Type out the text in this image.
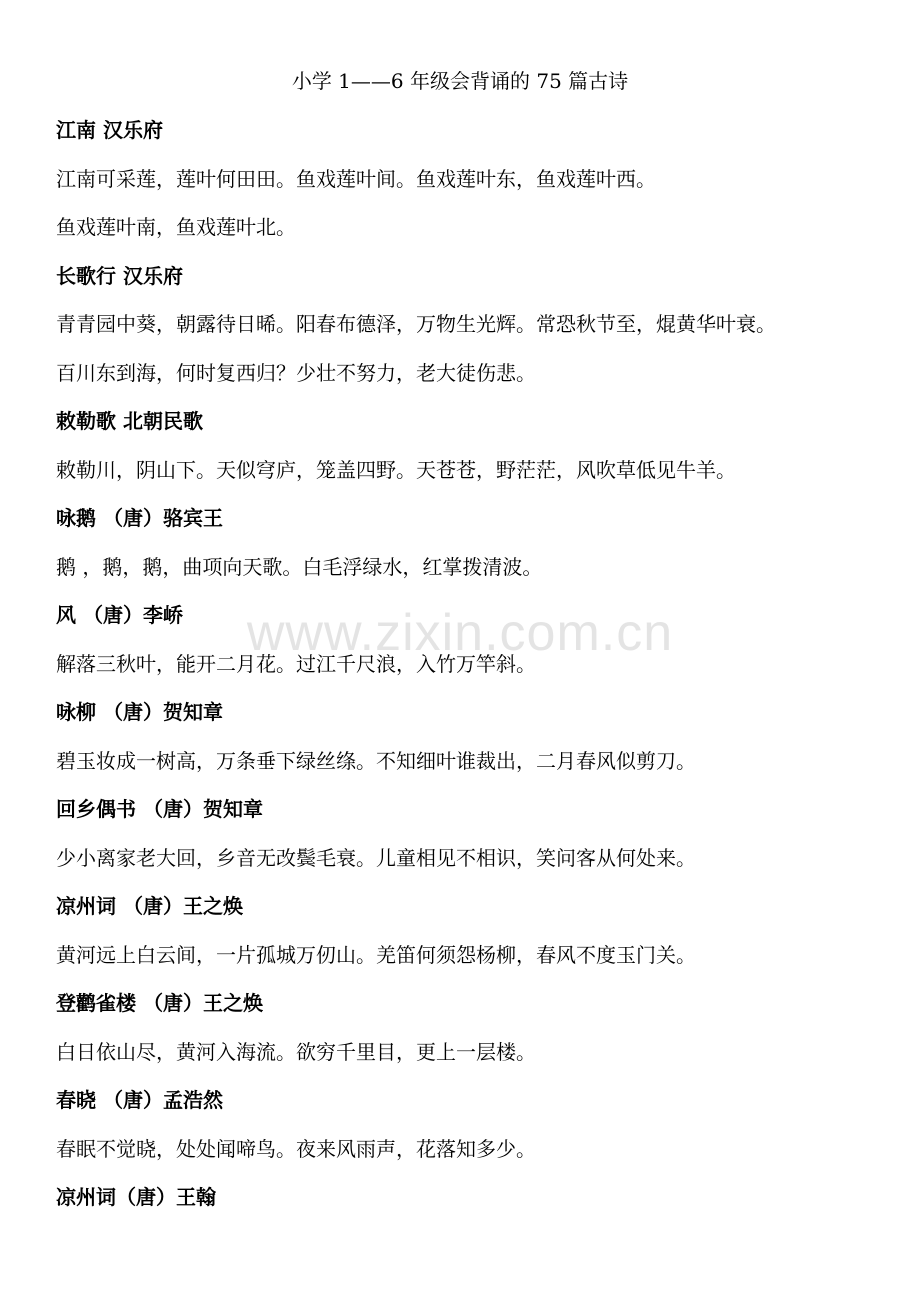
小学 1——6 年级会背诵的 75 篇古诗
江南 汉乐府
江南可采莲，莲叶何田田。鱼戏莲叶间。鱼戏莲叶东，鱼戏莲叶西。
鱼戏莲叶南，鱼戏莲叶北。
长歌行 汉乐府
青青园中葵，朝露待日晞。阳春布德泽，万物生光辉。常恐秋节至，焜黄华叶衰。
百川东到海，何时复西归？少壮不努力，老大徒伤悲。
敕勒歌 北朝民歌
敕勒川，阴山下。天似穹庐，笼盖四野。天苍苍，野茫茫，风吹草低见牛羊。
咏鹅 （唐）骆宾王
鹅 ，鹅，鹅，曲项向天歌。白毛浮绿水，红掌拨清波。
风 （唐）李峤
解落三秋叶，能开二月花。过江千尺浪，入竹万竿斜。
咏柳 （唐）贺知章
碧玉妆成一树高，万条垂下绿丝绦。不知细叶谁裁出，二月春风似剪刀。
回乡偶书 （唐）贺知章
少小离家老大回，乡音无改鬓毛衰。儿童相见不相识，笑问客从何处来。
凉州词 （唐）王之焕
黄河远上白云间，一片孤城万仞山。羌笛何须怨杨柳，春风不度玉门关。
登鹳雀楼 （唐）王之焕
白日依山尽，黄河入海流。欲穷千里目，更上一层楼。
春晓 （唐）孟浩然
春眠不觉晓，处处闻啼鸟。夜来风雨声，花落知多少。
凉州词（唐）王翰
www.zixin.com.cn
